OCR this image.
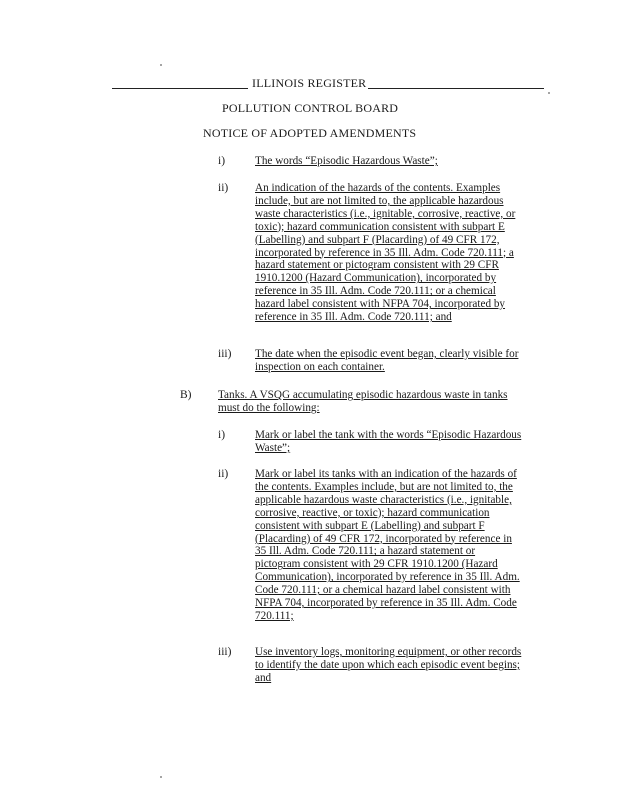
ILLINOIS REGISTER
POLLUTION CONTROL BOARD
NOTICE OF ADOPTED AMENDMENTS
i)	The words “Episodic Hazardous Waste”;
ii) An indication of the hazards of the contents. Examples
include, but are not limited to, the applicable hazardous
waste characteristics (i.e., ignitable, corrosive, reactive, or
toxic); hazard communication consistent with subpart E
(Labelling) and subpart F (Placarding) of 49 CFR 172,
incorporated by reference in 35 Ill. Adm. Code 720.111; a
hazard statement or pictogram consistent with 29 CFR
1910.1200 (Hazard Communication), incorporated by
reference in 35 Ill. Adm. Code 720.111; or a chemical
hazard label consistent with NFPA 704, incorporated by
reference in 35 Ill. Adm. Code 720.111; and
iii) The date when the episodic event began, clearly visible for
inspection on each container.
B) Tanks. A VSQG accumulating episodic hazardous waste in tanks
must do the following:
i)	Mark or label the tank with the words “Episodic Hazardous
Waste”;
ii) Mark or label its tanks with an indication of the hazards of
the contents. Examples include, but are not limited to, the
applicable hazardous waste characteristics (i.e., ignitable,
corrosive, reactive, or toxic); hazard communication
consistent with subpart E (Labelling) and subpart F
(Placarding) of 49 CFR 172, incorporated by reference in
35 Ill. Adm. Code 720.111; a hazard statement or
pictogram consistent with 29 CFR 1910.1200 (Hazard
Communication), incorporated by reference in 35 Ill. Adm.
Code 720.111; or a chemical hazard label consistent with
NFPA 704, incorporated by reference in 35 Ill. Adm. Code
720.111;
iii) Use inventory logs, monitoring equipment, or other records
to identify the date upon which each episodic event begins;
and
